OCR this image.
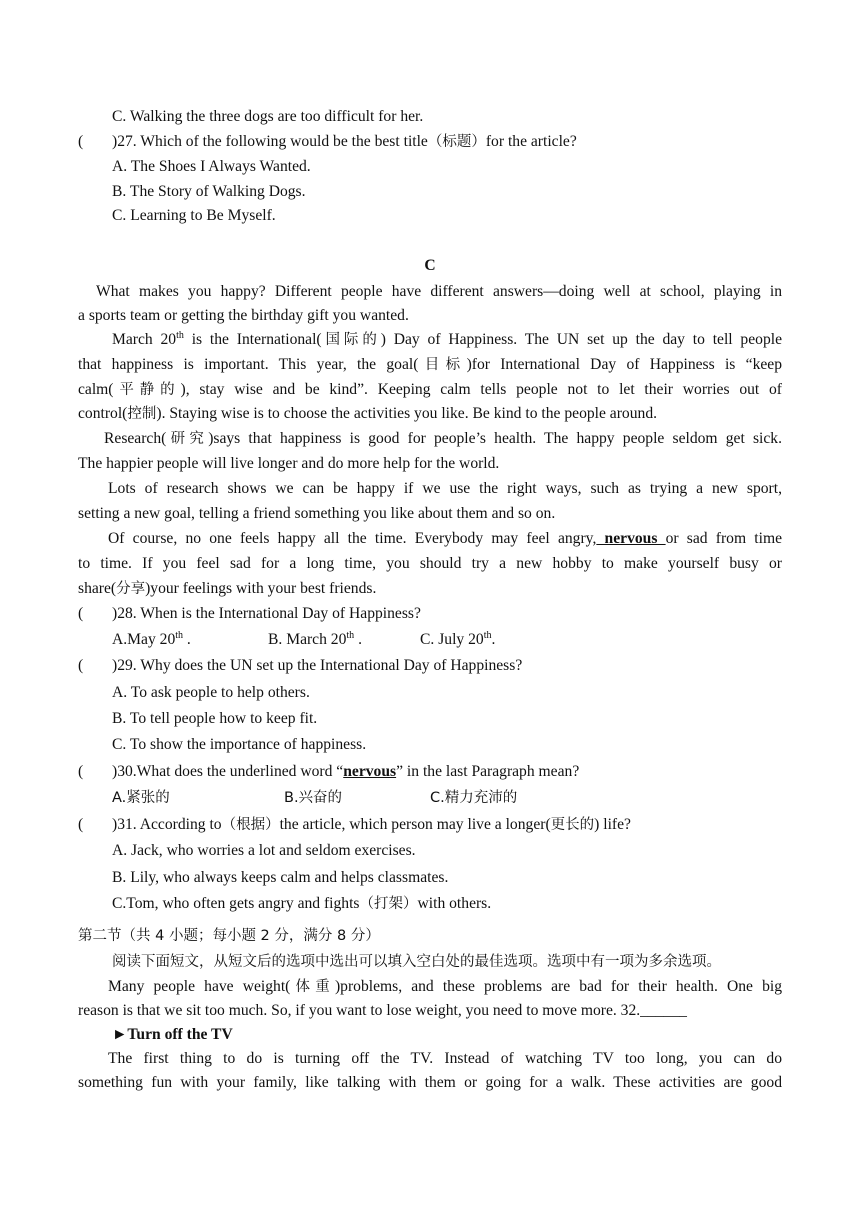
C. Walking the three dogs are too difficult for her.
( )27. Which of the following would be the best title（标题）for the article?
A. The Shoes I Always Wanted.
B. The Story of Walking Dogs.
C. Learning to Be Myself.
C
What makes you happy? Different people have different answers—doing well at school, playing in
a sports team or getting the birthday gift you wanted.
March 20th is the International(国际的) Day of Happiness. The UN set up the day to tell people
that happiness is important. This year, the goal(目标)for International Day of Happiness is “keep
calm(平静的), stay wise and be kind”. Keeping calm tells people not to let their worries out of
control(控制). Staying wise is to choose the activities you like. Be kind to the people around.
Research(研究)says that happiness is good for people’s health. The happy people seldom get sick.
The happier people will live longer and do more help for the world.
Lots of research shows we can be happy if we use the right ways, such as trying a new sport,
setting a new goal, telling a friend something you like about them and so on.
Of course, no one feels happy all the time. Everybody may feel angry, nervous or sad from time
to time. If you feel sad for a long time, you should try a new hobby to make yourself busy or
share(分享)your feelings with your best friends.
( )28. When is the International Day of Happiness?
A.May 20th .	B. March 20th .	C. July 20th.
( )29. Why does the UN set up the International Day of Happiness?
A. To ask people to help others.
B. To tell people how to keep fit.
C. To show the importance of happiness.
( )30.What does the underlined word “nervous” in the last Paragraph mean?
A.紧张的	B.兴奋的	C.精力充沛的
( )31. According to（根据）the article, which person may live a longer(更长的) life?
A. Jack, who worries a lot and seldom exercises.
B. Lily, who always keeps calm and helps classmates.
C.Tom, who often gets angry and fights（打架）with others.
第二节（共 4 小题；每小题 2 分，满分 8 分）
阅读下面短文，从短文后的选项中选出可以填入空白处的最佳选项。选项中有一项为多余选项。
Many people have weight(体重)problems, and these problems are bad for their health. One big
reason is that we sit too much. So, if you want to lose weight, you need to move more. 32.______
►Turn off the TV
The first thing to do is turning off the TV. Instead of watching TV too long, you can do
something fun with your family, like talking with them or going for a walk. These activities are good
